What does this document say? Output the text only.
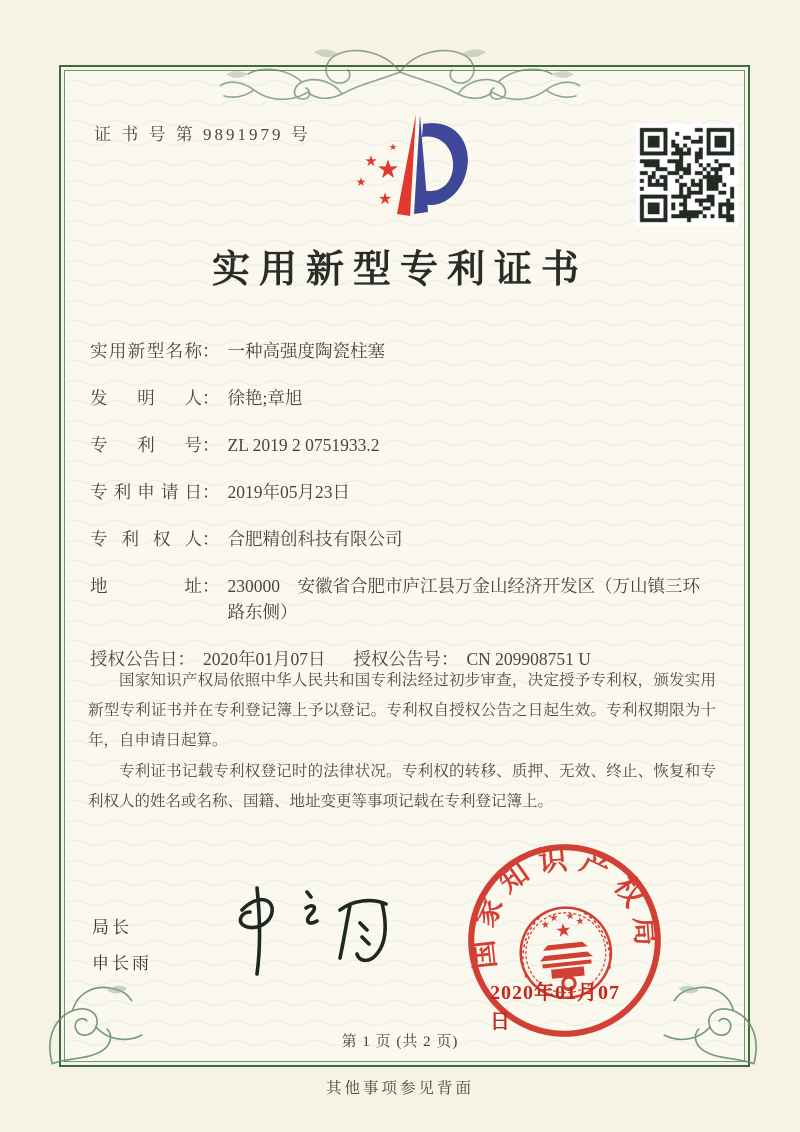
证 书 号 第 9891979 号
★
★
★
★
★
实用新型专利证书
实用新型名称 ： 一种高强度陶瓷柱塞
发明人 ： 徐艳;章旭
专利号 ： ZL 2019 2 0751933.2
专利申请日 ： 2019年05月23日
专利权人 ： 合肥精创科技有限公司
地址 ： 230000　安徽省合肥市庐江县万金山经济开发区（万山镇三环路东侧）
授权公告日 ： 2020年01月07日 授权公告号 ： CN 209908751 U

国家知识产权局依照中华人民共和国专利法经过初步审查，决定授予专利权，颁发实用新型专利证书并在专利登记簿上予以登记。专利权自授权公告之日起生效。专利权期限为十年，自申请日起算。

专利证书记载专利权登记时的法律状况。专利权的转移、质押、无效、终止、恢复和专利权人的姓名或名称、国籍、地址变更等事项记载在专利登记簿上。

局长
申长雨	国家知识产权局
★
★
★ ★ ★
2020年01月07日
第 1 页 (共 2 页)
其他事项参见背面
